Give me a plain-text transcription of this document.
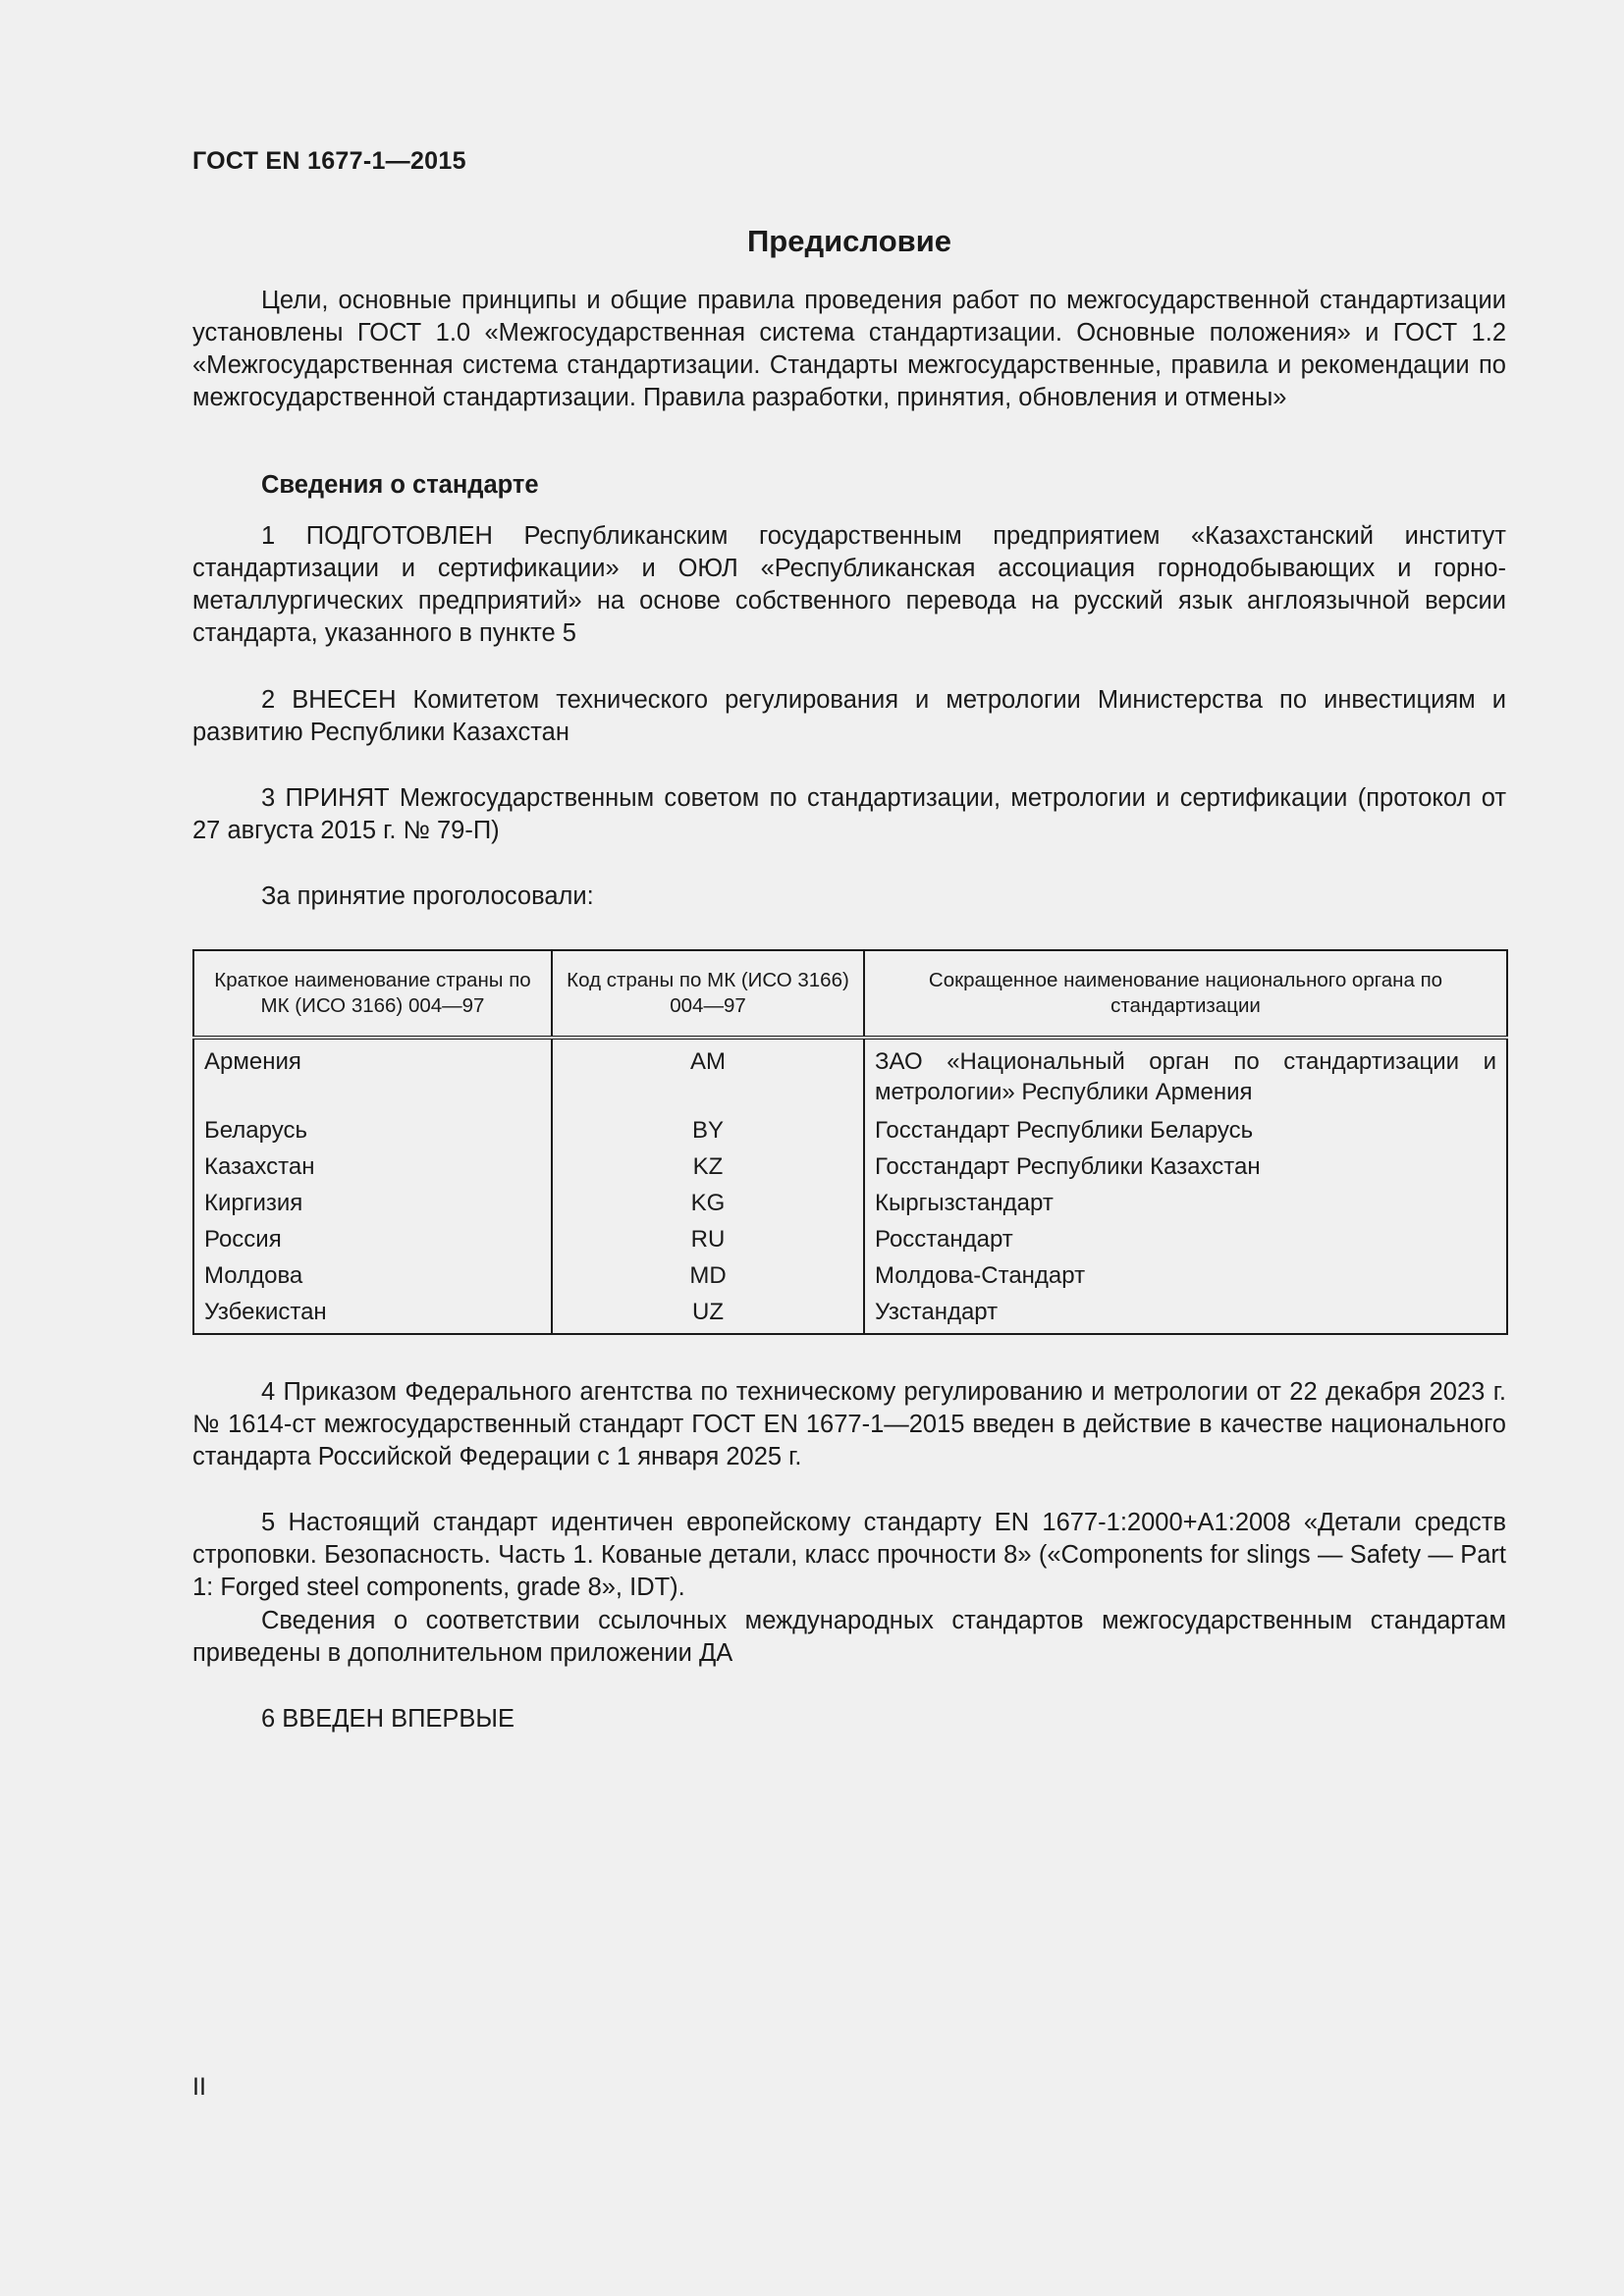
ГОСТ EN 1677-1—2015
Предисловие
Цели, основные принципы и общие правила проведения работ по межгосударственной стандартизации установлены ГОСТ 1.0 «Межгосударственная система стандартизации. Основные положения» и ГОСТ 1.2 «Межгосударственная система стандартизации. Стандарты межгосударственные, правила и рекомендации по межгосударственной стандартизации. Правила разработки, принятия, обновления и отмены»
Сведения о стандарте
1 ПОДГОТОВЛЕН Республиканским государственным предприятием «Казахстанский институт стандартизации и сертификации» и ОЮЛ «Республиканская ассоциация горнодобывающих и горно-металлургических предприятий» на основе собственного перевода на русский язык англоязычной версии стандарта, указанного в пункте 5
2 ВНЕСЕН Комитетом технического регулирования и метрологии Министерства по инвестициям и развитию Республики Казахстан
3 ПРИНЯТ Межгосударственным советом по стандартизации, метрологии и сертификации (протокол от 27 августа 2015 г. № 79-П)
За принятие проголосовали:
Краткое наименование страны по МК (ИСО 3166) 004—97	Код страны по МК (ИСО 3166) 004—97	Сокращенное наименование национального органа по стандартизации
Армения	AM	ЗАО «Национальный орган по стандартизации и метрологии» Республики Армения
Беларусь	BY	Госстандарт Республики Беларусь
Казахстан	KZ	Госстандарт Республики Казахстан
Киргизия	KG	Кыргызстандарт
Россия	RU	Росстандарт
Молдова	MD	Молдова-Стандарт
Узбекистан	UZ	Узстандарт
4 Приказом Федерального агентства по техническому регулированию и метрологии от 22 декабря 2023 г. № 1614-ст межгосударственный стандарт ГОСТ EN 1677-1—2015 введен в действие в качестве национального стандарта Российской Федерации с 1 января 2025 г.
5 Настоящий стандарт идентичен европейскому стандарту EN 1677-1:2000+A1:2008 «Детали средств строповки. Безопасность. Часть 1. Кованые детали, класс прочности 8» («Components for slings — Safety — Part 1: Forged steel components, grade 8», IDT).
Сведения о соответствии ссылочных международных стандартов межгосударственным стандартам приведены в дополнительном приложении ДА
6 ВВЕДЕН ВПЕРВЫЕ
II
